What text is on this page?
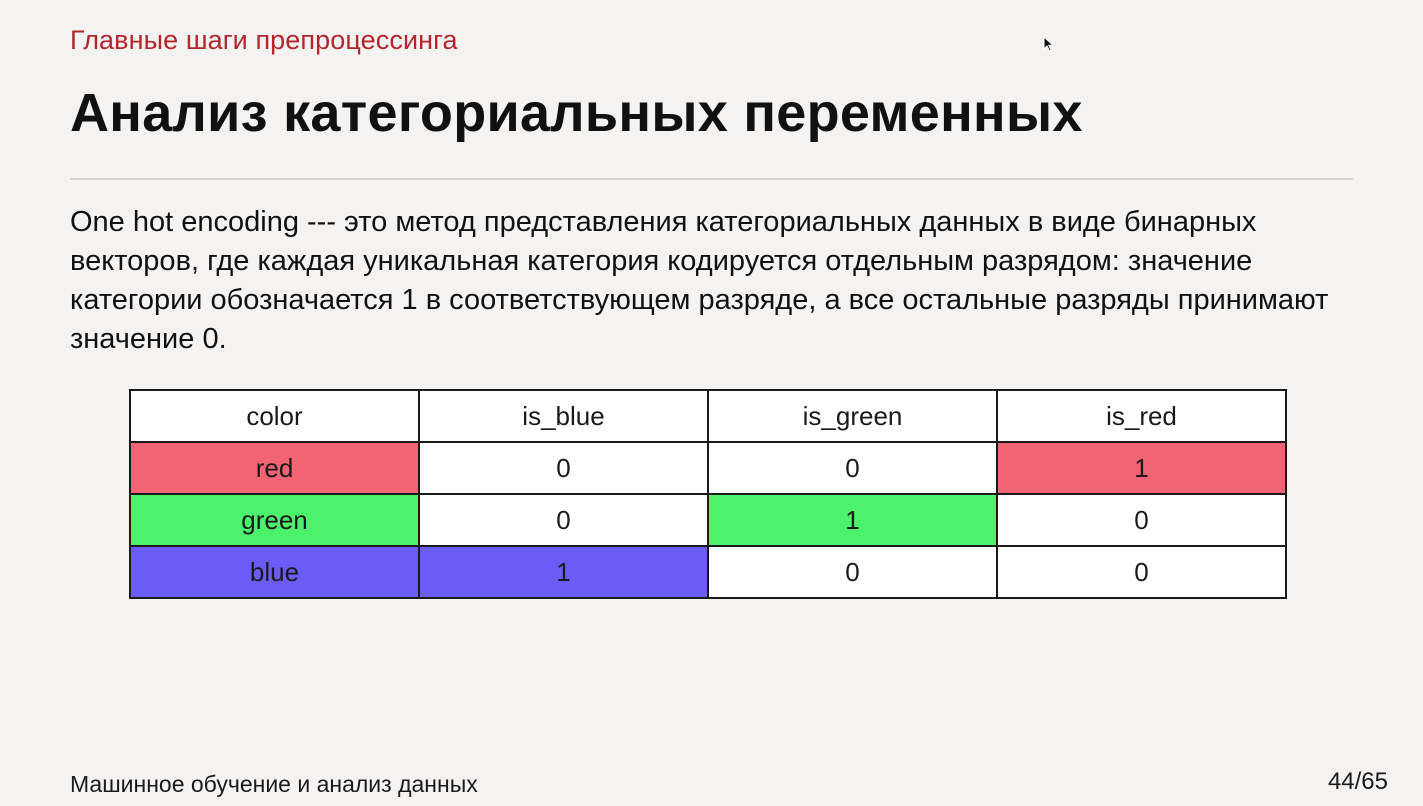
Главные шаги препроцессинга
Анализ категориальных переменных
One hot encoding --- это метод представления категориальных данных в виде бинарных векторов, где каждая уникальная категория кодируется отдельным разрядом: значение категории обозначается 1 в соответствующем разряде, а все остальные разряды принимают значение 0.
color	is_blue	is_green	is_red
red	0	0	1
green	0	1	0
blue	1	0	0
Машинное обучение и анализ данных	44/65
